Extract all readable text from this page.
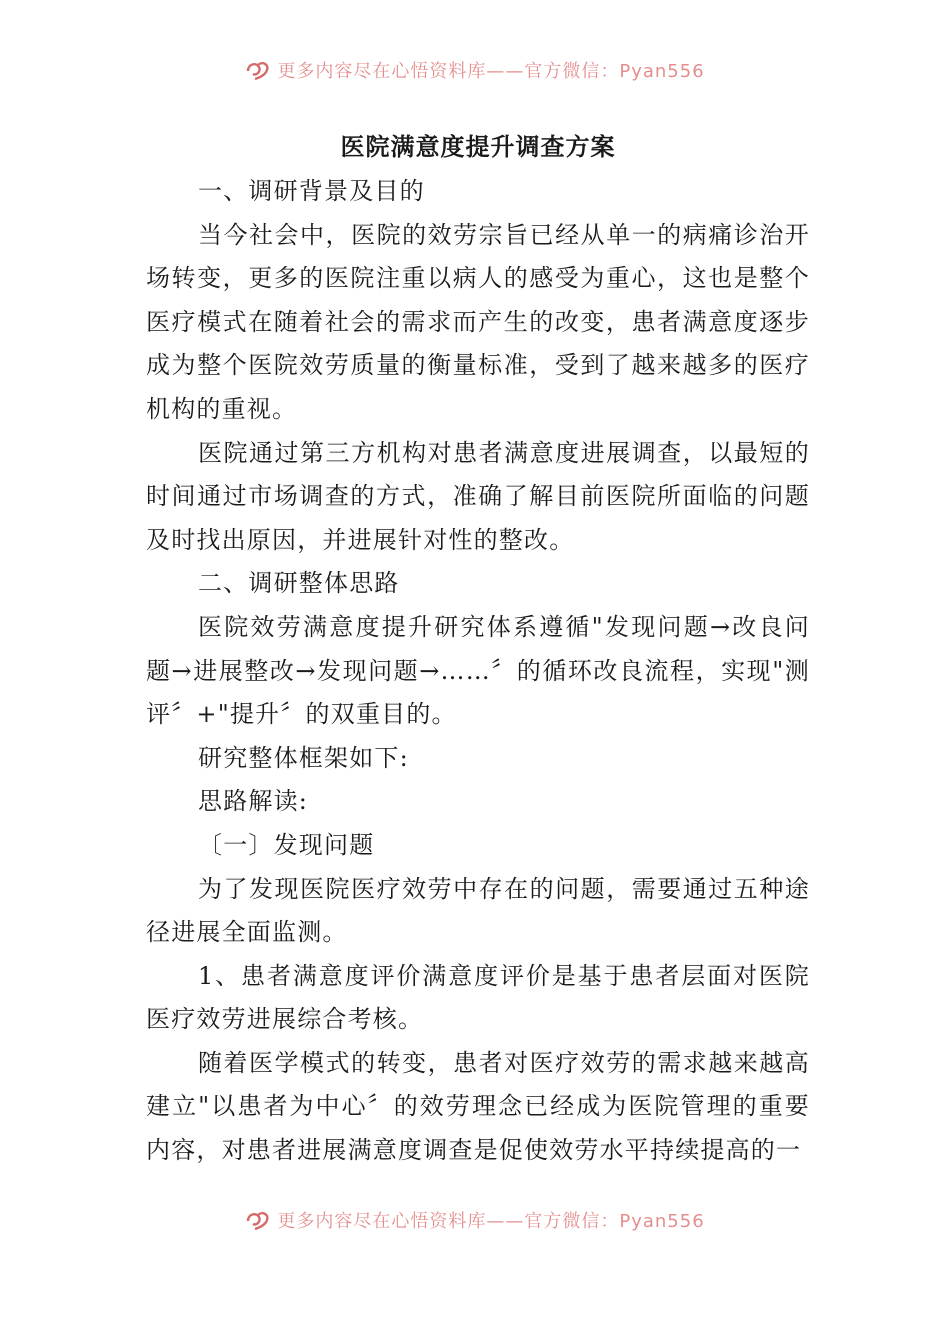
更多内容尽在心悟资料库——官方微信：Pyan556
医院满意度提升调查方案

一、调研背景及目的

当今社会中，医院的效劳宗旨已经从单一的病痛诊治开场转变，更多的医院注重以病人的感受为重心，这也是整个医疗模式在随着社会的需求而产生的改变，患者满意度逐步成为整个医院效劳质量的衡量标准，受到了越来越多的医疗机构的重视。

医院通过第三方机构对患者满意度进展调查，以最短的时间通过市场调查的方式，准确了解目前医院所面临的问题及时找出原因，并进展针对性的整改。

二、调研整体思路

医院效劳满意度提升研究体系遵循"发现问题→改良问题→进展整改→发现问题→……〞的循环改良流程，实现"测评〞+"提升〞的双重目的。

研究整体框架如下:

思路解读:

〔一〕发现问题

为了发现医院医疗效劳中存在的问题，需要通过五种途径进展全面监测。

1、患者满意度评价满意度评价是基于患者层面对医院医疗效劳进展综合考核。

随着医学模式的转变，患者对医疗效劳的需求越来越高建立"以患者为中心〞的效劳理念已经成为医院管理的重要内容，对患者进展满意度调查是促使效劳水平持续提高的一

更多内容尽在心悟资料库——官方微信：Pyan556
